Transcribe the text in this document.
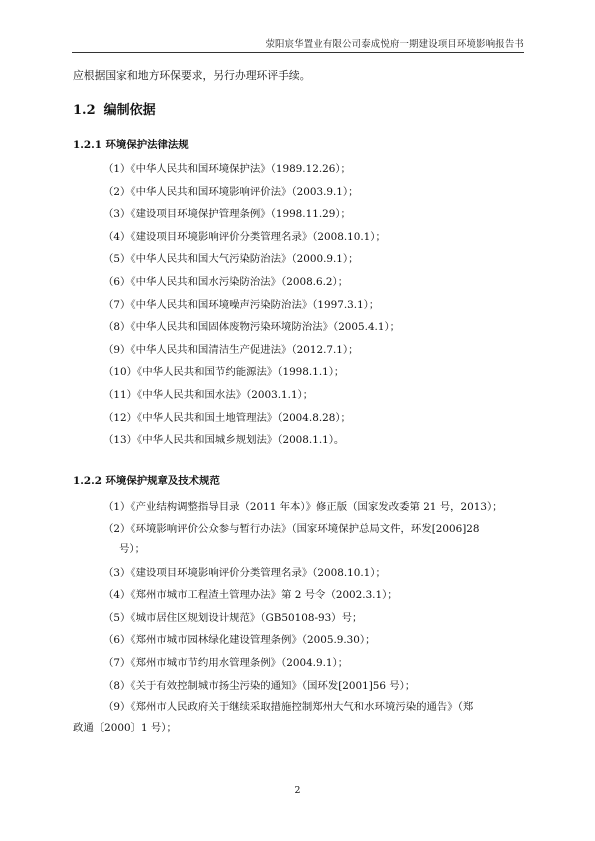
荥阳宸华置业有限公司泰成悦府一期建设项目环境影响报告书
应根据国家和地方环保要求，另行办理环评手续。
1.2 编制依据
1.2.1 环境保护法律法规
（1）《中华人民共和国环境保护法》（1989.12.26）；
（2）《中华人民共和国环境影响评价法》（2003.9.1）；
（3）《建设项目环境保护管理条例》（1998.11.29）；
（4）《建设项目环境影响评价分类管理名录》（2008.10.1）；
（5）《中华人民共和国大气污染防治法》（2000.9.1）；
（6）《中华人民共和国水污染防治法》（2008.6.2）；
（7）《中华人民共和国环境噪声污染防治法》（1997.3.1）；
（8）《中华人民共和国固体废物污染环境防治法》（2005.4.1）；
（9）《中华人民共和国清洁生产促进法》（2012.7.1）；
（10）《中华人民共和国节约能源法》（1998.1.1）；
（11）《中华人民共和国水法》（2003.1.1）；
（12）《中华人民共和国土地管理法》（2004.8.28）；
（13）《中华人民共和国城乡规划法》（2008.1.1）。
1.2.2 环境保护规章及技术规范
（1）《产业结构调整指导目录（2011 年本）》修正版（国家发改委第 21 号，2013）；
（2）《环境影响评价公众参与暂行办法》（国家环境保护总局文件，环发[2006]28
号）；
（3）《建设项目环境影响评价分类管理名录》（2008.10.1）；
（4）《郑州市城市工程渣土管理办法》第 2 号令（2002.3.1）；
（5）《城市居住区规划设计规范》（GB50108-93）号；
（6）《郑州市城市园林绿化建设管理条例》（2005.9.30）；
（7）《郑州市城市节约用水管理条例》（2004.9.1）；
（8）《关于有效控制城市扬尘污染的通知》（国环发[2001]56 号）；
（9）《郑州市人民政府关于继续采取措施控制郑州大气和水环境污染的通告》（郑
政通〔2000〕1 号）；
2
